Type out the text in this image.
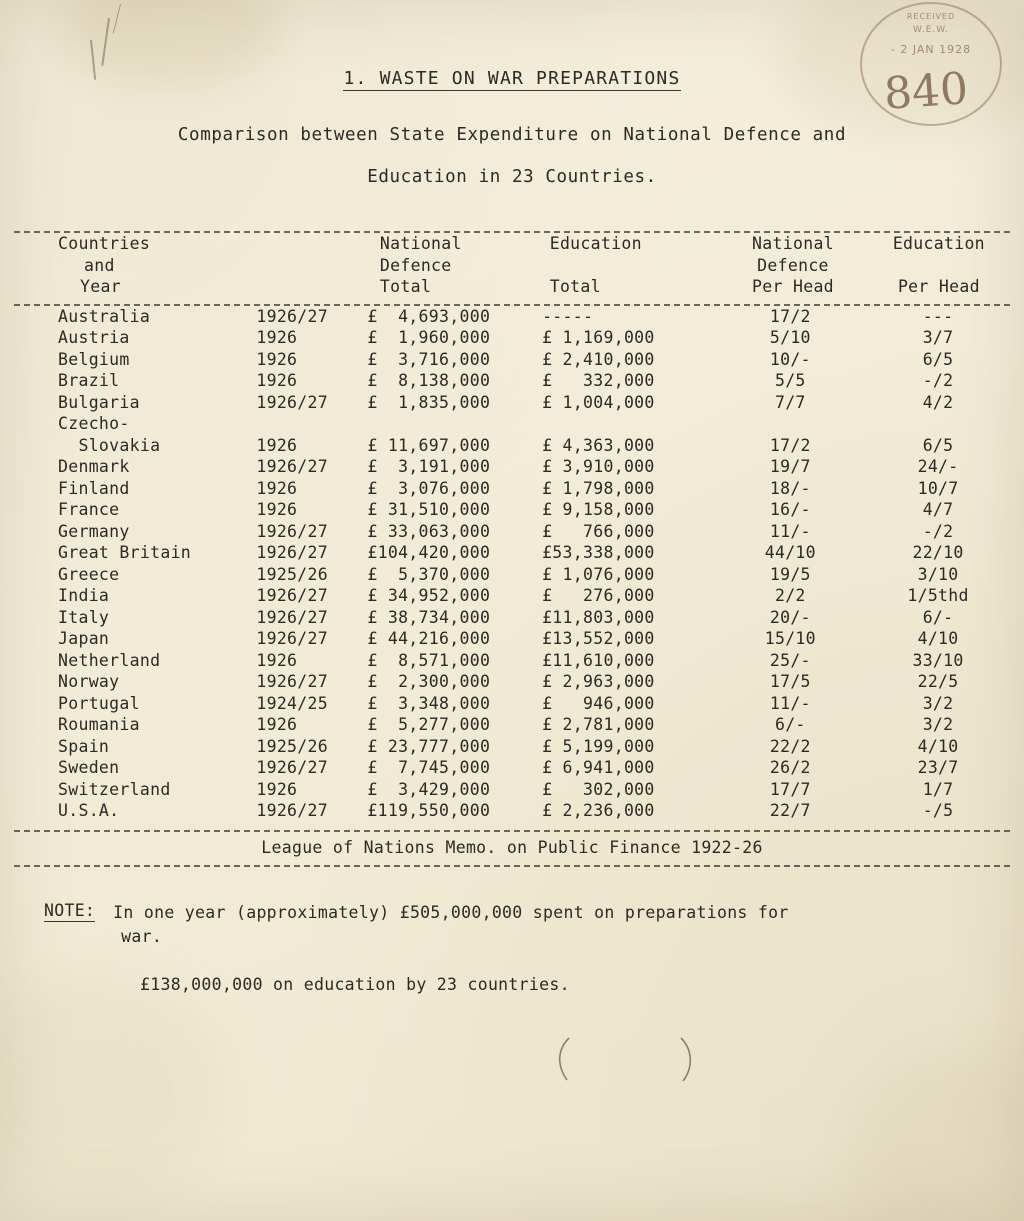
RECEIVED
W.E.W.
- 2 JAN 1928
840
1. WASTE ON WAR PREPARATIONS
Comparison between State Expenditure on National Defence and
Education in 23 Countries.
Countries		National	Education	National	Education
and		Defence		Defence	
Year		Total	Total	Per Head	Per Head
Australia	1926/27	£  4,693,000	-----	17/2	---
Austria	1926	£  1,960,000	£ 1,169,000	5/10	3/7
Belgium	1926	£  3,716,000	£ 2,410,000	10/-	6/5
Brazil	1926	£  8,138,000	£   332,000	5/5	-/2
Bulgaria	1926/27	£  1,835,000	£ 1,004,000	7/7	4/2
Czecho-					
Slovakia	1926	£ 11,697,000	£ 4,363,000	17/2	6/5
Denmark	1926/27	£  3,191,000	£ 3,910,000	19/7	24/-
Finland	1926	£  3,076,000	£ 1,798,000	18/-	10/7
France	1926	£ 31,510,000	£ 9,158,000	16/-	4/7
Germany	1926/27	£ 33,063,000	£   766,000	11/-	-/2
Great Britain	1926/27	£104,420,000	£53,338,000	44/10	22/10
Greece	1925/26	£  5,370,000	£ 1,076,000	19/5	3/10
India	1926/27	£ 34,952,000	£   276,000	2/2	1/5thd
Italy	1926/27	£ 38,734,000	£11,803,000	20/-	6/-
Japan	1926/27	£ 44,216,000	£13,552,000	15/10	4/10
Netherland	1926	£  8,571,000	£11,610,000	25/-	33/10
Norway	1926/27	£  2,300,000	£ 2,963,000	17/5	22/5
Portugal	1924/25	£  3,348,000	£   946,000	11/-	3/2
Roumania	1926	£  5,277,000	£ 2,781,000	6/-	3/2
Spain	1925/26	£ 23,777,000	£ 5,199,000	22/2	4/10
Sweden	1926/27	£  7,745,000	£ 6,941,000	26/2	23/7
Switzerland	1926	£  3,429,000	£   302,000	17/7	1/7
U.S.A.	1926/27	£119,550,000	£ 2,236,000	22/7	-/5
League of Nations Memo. on Public Finance 1922-26
NOTE: In one year (approximately) £505,000,000 spent on preparations for
war.
£138,000,000 on education by 23 countries.
